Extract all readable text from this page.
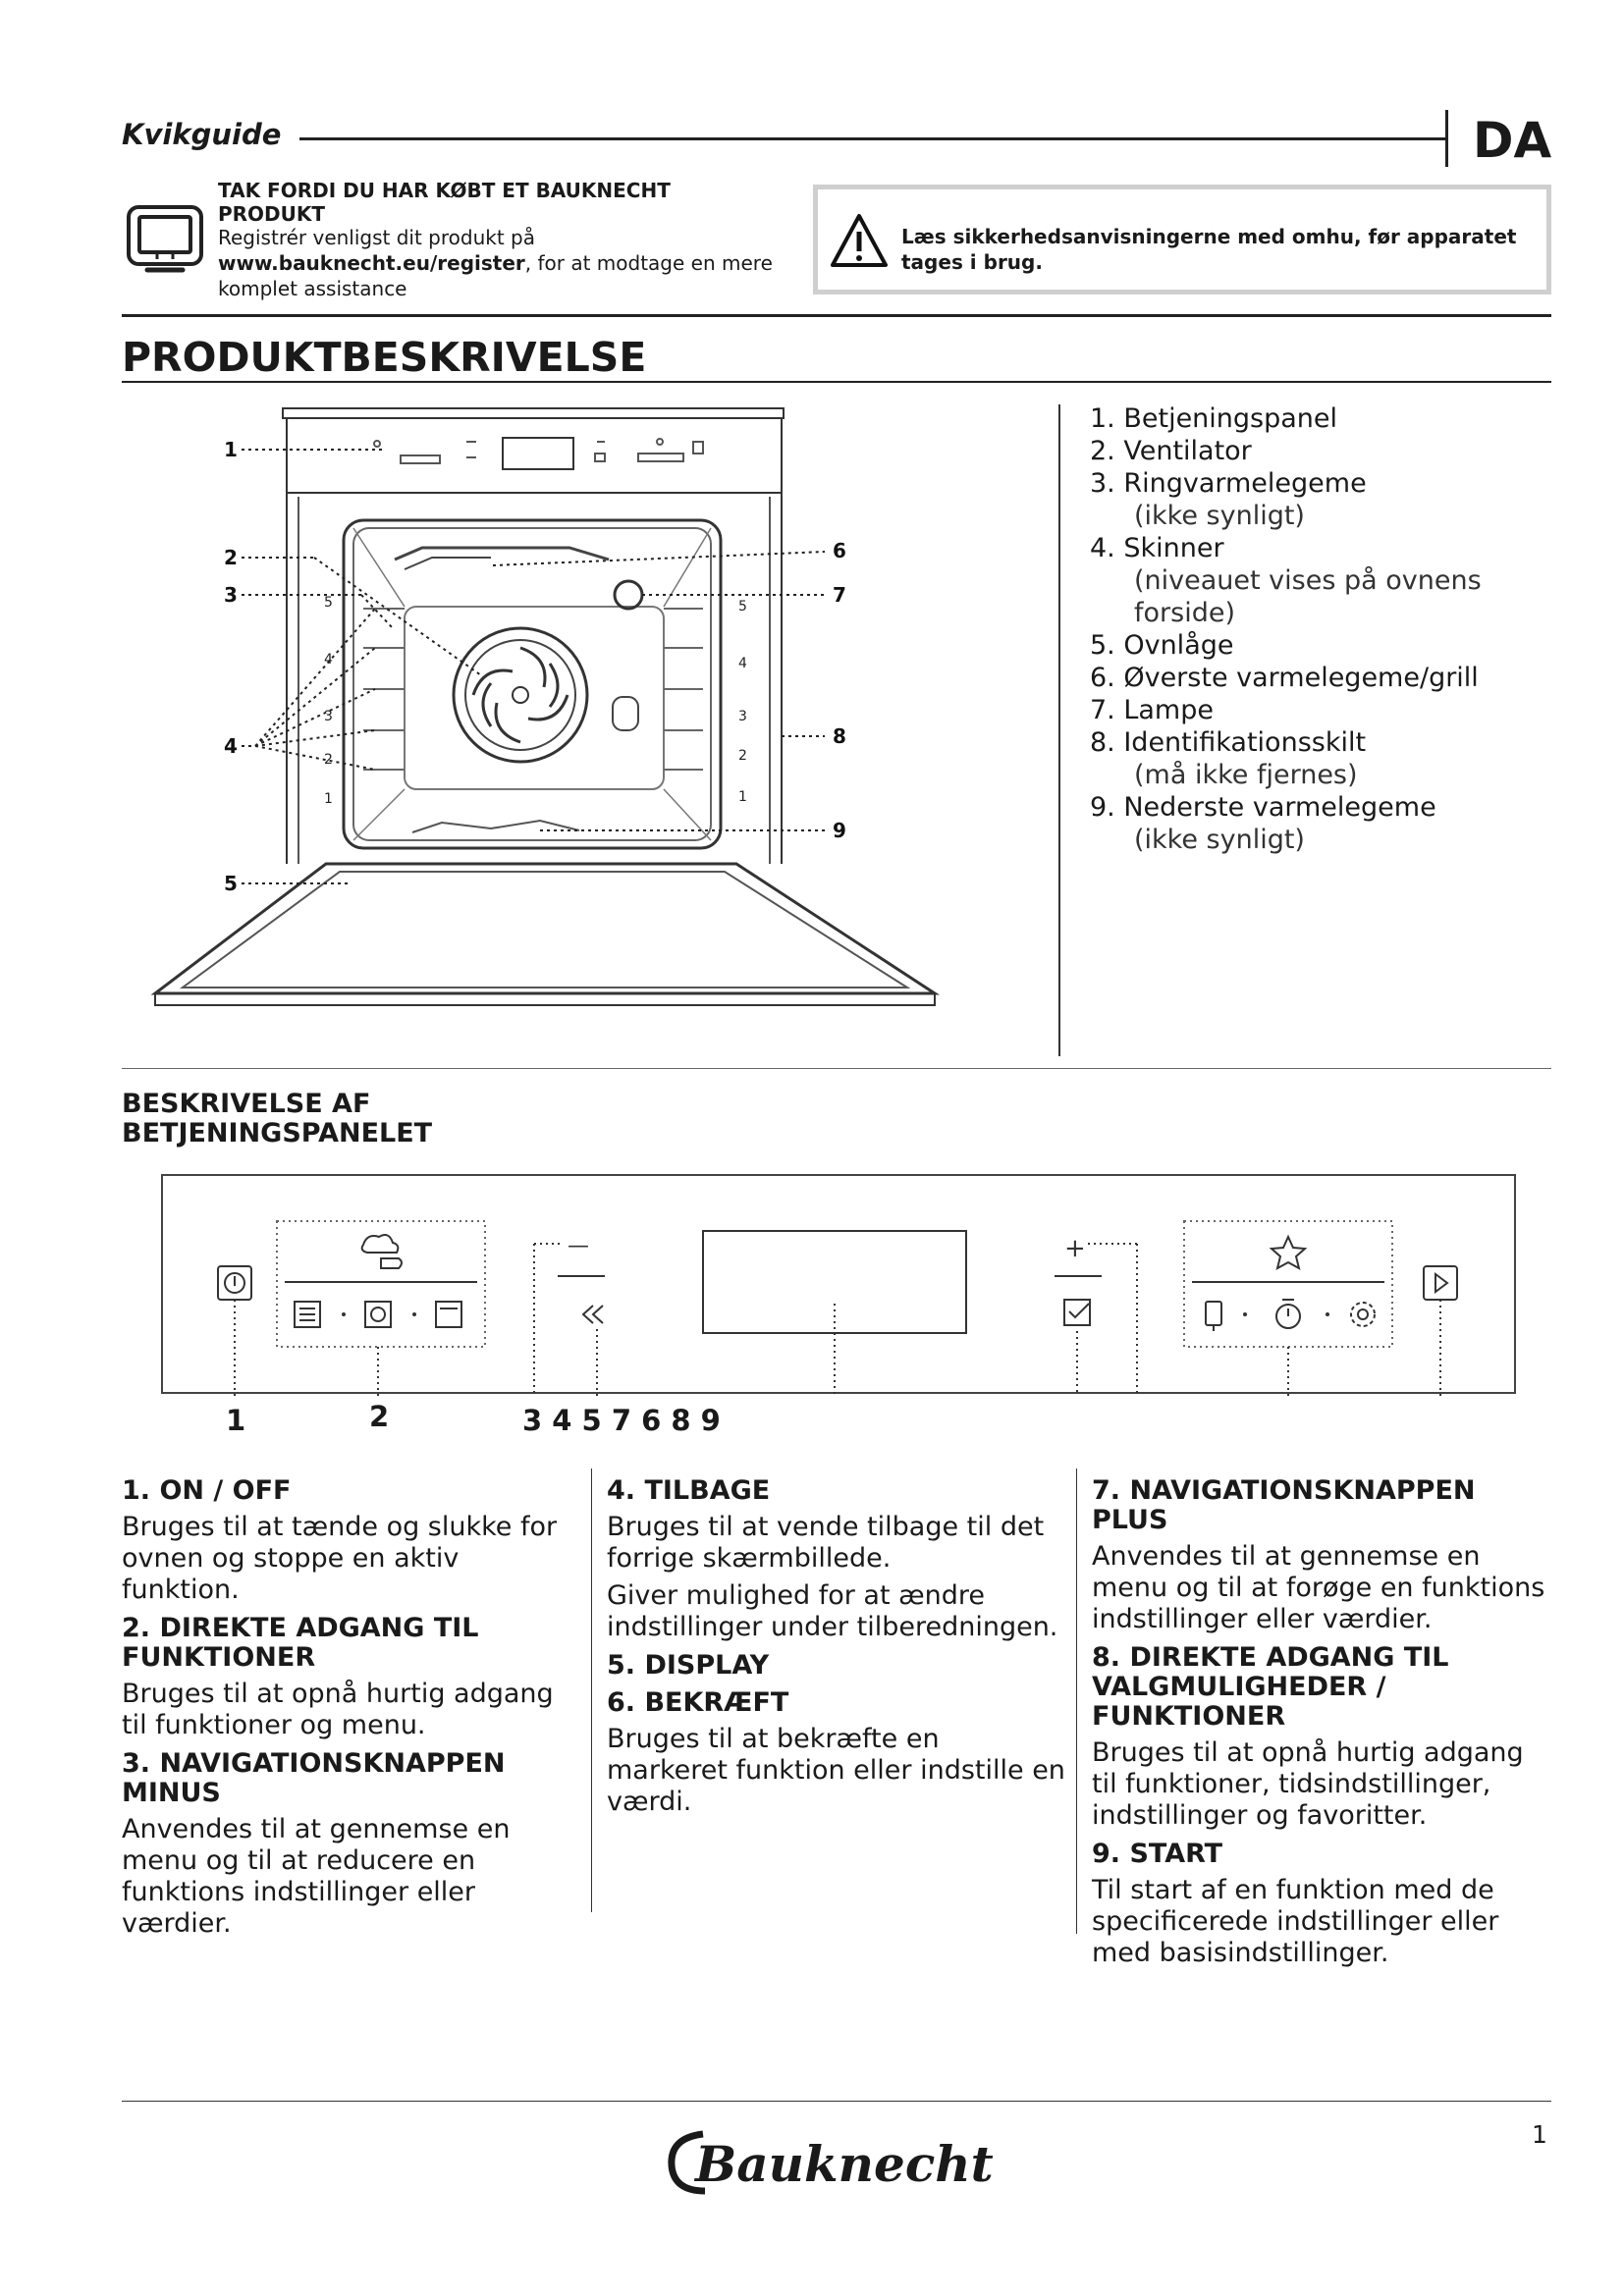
Kvikguide	DA
TAK FORDI DU HAR KØBT ET BAUKNECHT PRODUKT
Registrér venligst dit produkt på
www.bauknecht.eu/register, for at modtage en mere
komplet assistance
Læs sikkerhedsanvisningerne med omhu, før apparatet tages i brug.
PRODUKTBESKRIVELSE
5
4
3
2
1
5
4
3
2
1
1
2
3
4
5
6
7
8
9
1. Betjeningspanel
2. Ventilator
3. Ringvarmelegeme
(ikke synligt)
4. Skinner
(niveauet vises på ovnens
forside)
5. Ovnlåge
6. Øverste varmelegeme/grill
7. Lampe
8. Identifikationsskilt
(må ikke fjernes)
9. Nederste varmelegeme
(ikke synligt)
BESKRIVELSE AF BETJENINGSPANELET
—	+
1	2	3 4 5 7 6 8 9
1. ON / OFF

Bruges til at tænde og slukke for ovnen og stoppe en aktiv funktion.

2. DIREKTE ADGANG TIL FUNKTIONER

Bruges til at opnå hurtig adgang til funktioner og menu.

3. NAVIGATIONSKNAPPEN MINUS

Anvendes til at gennemse en menu og til at reducere en funktions indstillinger eller værdier.

4. TILBAGE

Bruges til at vende tilbage til det forrige skærmbillede.

Giver mulighed for at ændre indstillinger under tilberedningen.

5. DISPLAY
6. BEKRÆFT

Bruges til at bekræfte en markeret funktion eller indstille en værdi.

7. NAVIGATIONSKNAPPEN PLUS

Anvendes til at gennemse en menu og til at forøge en funktions indstillinger eller værdier.

8. DIREKTE ADGANG TIL VALGMULIGHEDER / FUNKTIONER

Bruges til at opnå hurtig adgang til funktioner, tidsindstillinger, indstillinger og favoritter.

9. START

Til start af en funktion med de specificerede indstillinger eller med basisindstillinger.

Bauknecht
1
